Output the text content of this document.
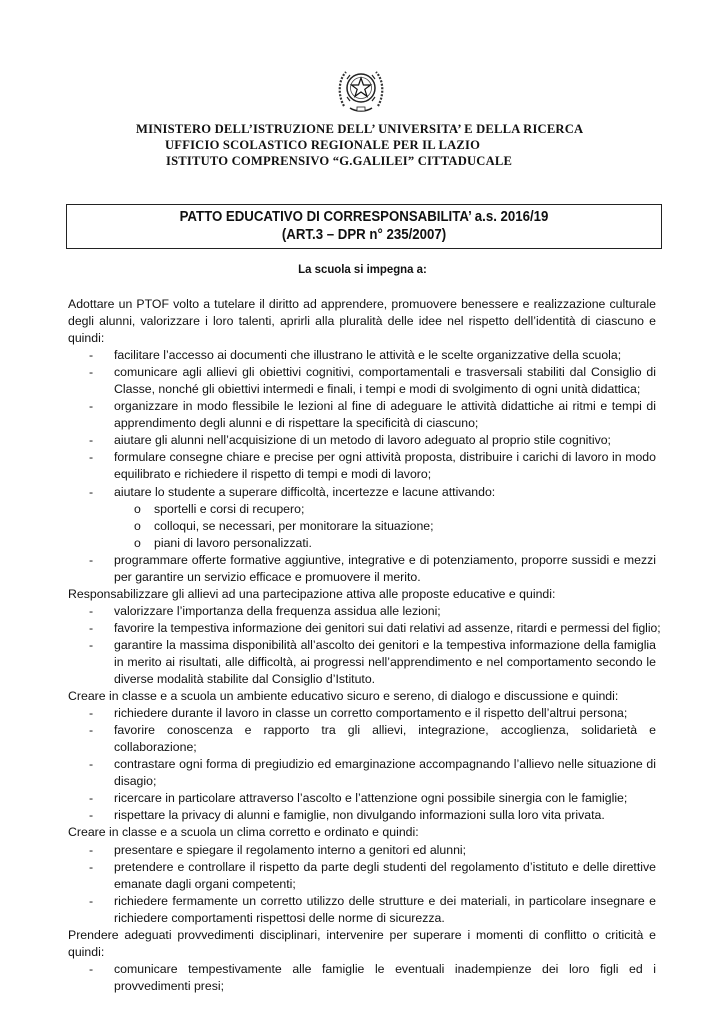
MINISTERO DELL’ISTRUZIONE DELL’ UNIVERSITA’ E DELLA RICERCA
UFFICIO SCOLASTICO REGIONALE PER IL LAZIO
ISTITUTO COMPRENSIVO “G.GALILEI” CITTADUCALE
PATTO EDUCATIVO DI CORRESPONSABILITA’ a.s. 2016/19
(ART.3 – DPR n° 235/2007)
La scuola si impegna a:
Adottare un PTOF volto a tutelare il diritto ad apprendere, promuovere benessere e realizzazione culturale degli alunni, valorizzare i loro talenti, aprirli alla pluralità delle idee nel rispetto dell’identità di ciascuno e quindi:
- facilitare l’accesso ai documenti che illustrano le attività e le scelte organizzative della scuola;
- comunicare agli allievi gli obiettivi cognitivi, comportamentali e trasversali stabiliti dal Consiglio di Classe, nonché gli obiettivi intermedi e finali, i tempi e modi di svolgimento di ogni unità didattica;
- organizzare in modo flessibile le lezioni al fine di adeguare le attività didattiche ai ritmi e tempi di apprendimento degli alunni e di rispettare la specificità di ciascuno;
- aiutare gli alunni nell’acquisizione di un metodo di lavoro adeguato al proprio stile cognitivo;
- formulare consegne chiare e precise per ogni attività proposta, distribuire i carichi di lavoro in modo equilibrato e richiedere il rispetto di tempi e modi di lavoro;
- aiutare lo studente a superare difficoltà, incertezze e lacune attivando:
o sportelli e corsi di recupero;
o colloqui, se necessari, per monitorare la situazione;
o piani di lavoro personalizzati.
- programmare offerte formative aggiuntive, integrative e di potenziamento, proporre sussidi e mezzi per garantire un servizio efficace e promuovere il merito.
Responsabilizzare gli allievi ad una partecipazione attiva alle proposte educative e quindi:
- valorizzare l’importanza della frequenza assidua alle lezioni;
- favorire la tempestiva informazione dei genitori sui dati relativi ad assenze, ritardi e permessi del figlio;
- garantire la massima disponibilità all’ascolto dei genitori e la tempestiva informazione della famiglia in merito ai risultati, alle difficoltà, ai progressi nell’apprendimento e nel comportamento secondo le diverse modalità stabilite dal Consiglio d’Istituto.
Creare in classe e a scuola un ambiente educativo sicuro e sereno, di dialogo e discussione e quindi:
- richiedere durante il lavoro in classe un corretto comportamento e il rispetto dell’altrui persona;
- favorire conoscenza e rapporto tra gli allievi, integrazione, accoglienza, solidarietà e collaborazione;
- contrastare ogni forma di pregiudizio ed emarginazione accompagnando l’allievo nelle situazione di disagio;
- ricercare in particolare attraverso l’ascolto e l’attenzione ogni possibile sinergia con le famiglie;
- rispettare la privacy di alunni e famiglie, non divulgando informazioni sulla loro vita privata.
Creare in classe e a scuola un clima corretto e ordinato e quindi:
- presentare e spiegare il regolamento interno a genitori ed alunni;
- pretendere e controllare il rispetto da parte degli studenti del regolamento d’istituto e delle direttive emanate dagli organi competenti;
- richiedere fermamente un corretto utilizzo delle strutture e dei materiali, in particolare insegnare e richiedere comportamenti rispettosi delle norme di sicurezza.
Prendere adeguati provvedimenti disciplinari, intervenire per superare i momenti di conflitto o criticità e quindi:
- comunicare tempestivamente alle famiglie le eventuali inadempienze dei loro figli ed i provvedimenti presi;
